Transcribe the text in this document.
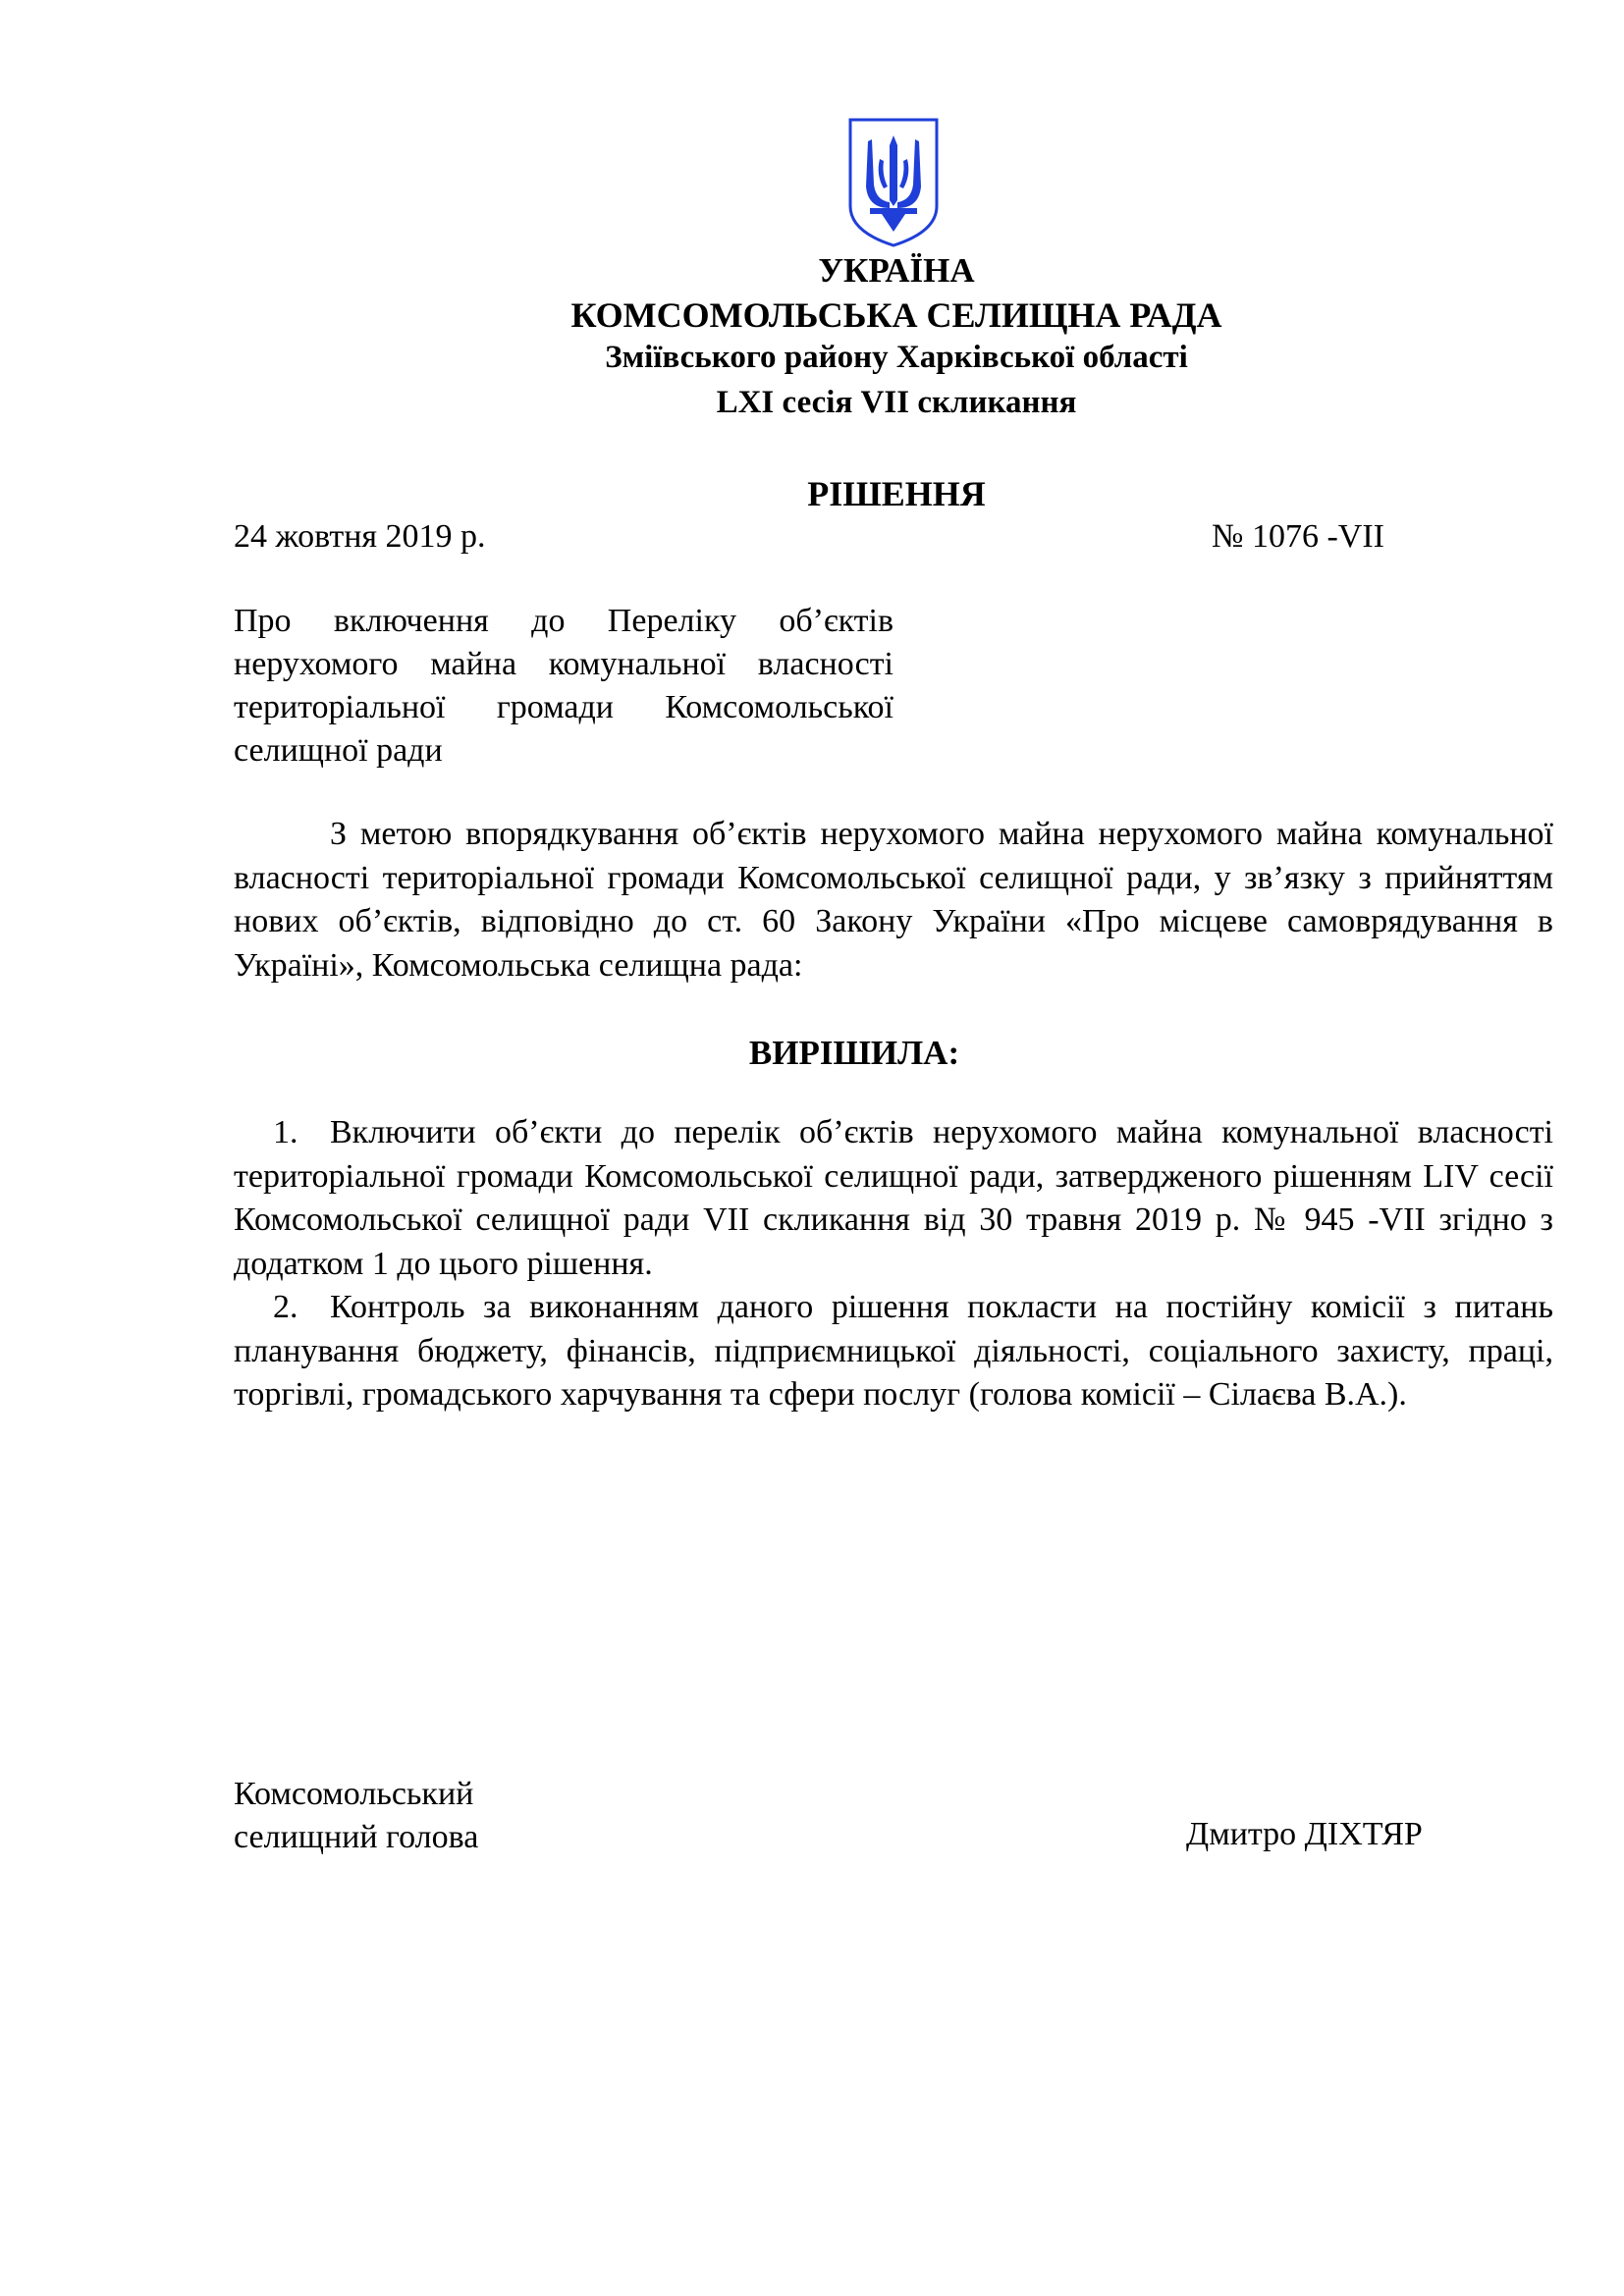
УКРАЇНА
КОМСОМОЛЬСЬКА СЕЛИЩНА РАДА
Зміївського району Харківської області
LXI сесія VII скликання
РІШЕННЯ
24 жовтня 2019 р.	№ 1076 -VII
Про включення до Переліку об’єктів нерухомого майна комунальної власності територіальної громади Комсомольської селищної ради
З метою впорядкування об’єктів нерухомого майна нерухомого майна комунальної власності територіальної громади Комсомольської селищної ради, у зв’язку з прийняттям нових об’єктів, відповідно до ст. 60 Закону України «Про місцеве самоврядування в Україні», Комсомольська селищна рада:
ВИРІШИЛА:
1. Включити об’єкти до перелік об’єктів нерухомого майна комунальної власності територіальної громади Комсомольської селищної ради, затвердженого рішенням LIV сесії Комсомольської селищної ради VII скликання від 30 травня 2019 р. № 945 -VII згідно з додатком 1 до цього рішення.
2. Контроль за виконанням даного рішення покласти на постійну комісії з питань планування бюджету, фінансів, підприємницької діяльності, соціального захисту, праці, торгівлі, громадського харчування та сфери послуг (голова комісії – Сілаєва В.А.).
Комсомольський
селищний голова	Дмитро ДІХТЯР
